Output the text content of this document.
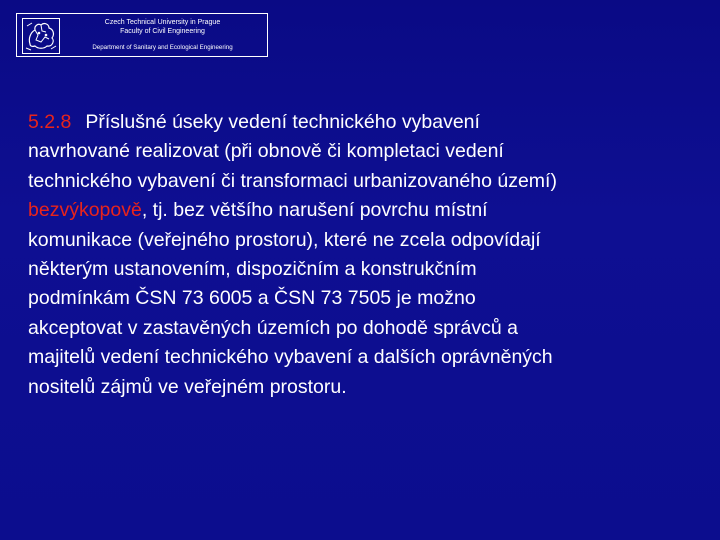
Czech Technical University in Prague
Faculty of Civil Engineering
Department of Sanitary and Ecological Engineering
5.2.8 Příslušné úseky vedení technického vybavení
navrhované realizovat (při obnově či kompletaci vedení
technického vybavení či transformaci urbanizovaného území)
bezvýkopově, tj. bez většího narušení povrchu místní
komunikace (veřejného prostoru), které ne zcela odpovídají
některým ustanovením, dispozičním a konstrukčním
podmínkám ČSN 73 6005 a ČSN 73 7505 je možno
akceptovat v zastavěných územích po dohodě správců a
majitelů vedení technického vybavení a dalších oprávněných
nositelů zájmů ve veřejném prostoru.
